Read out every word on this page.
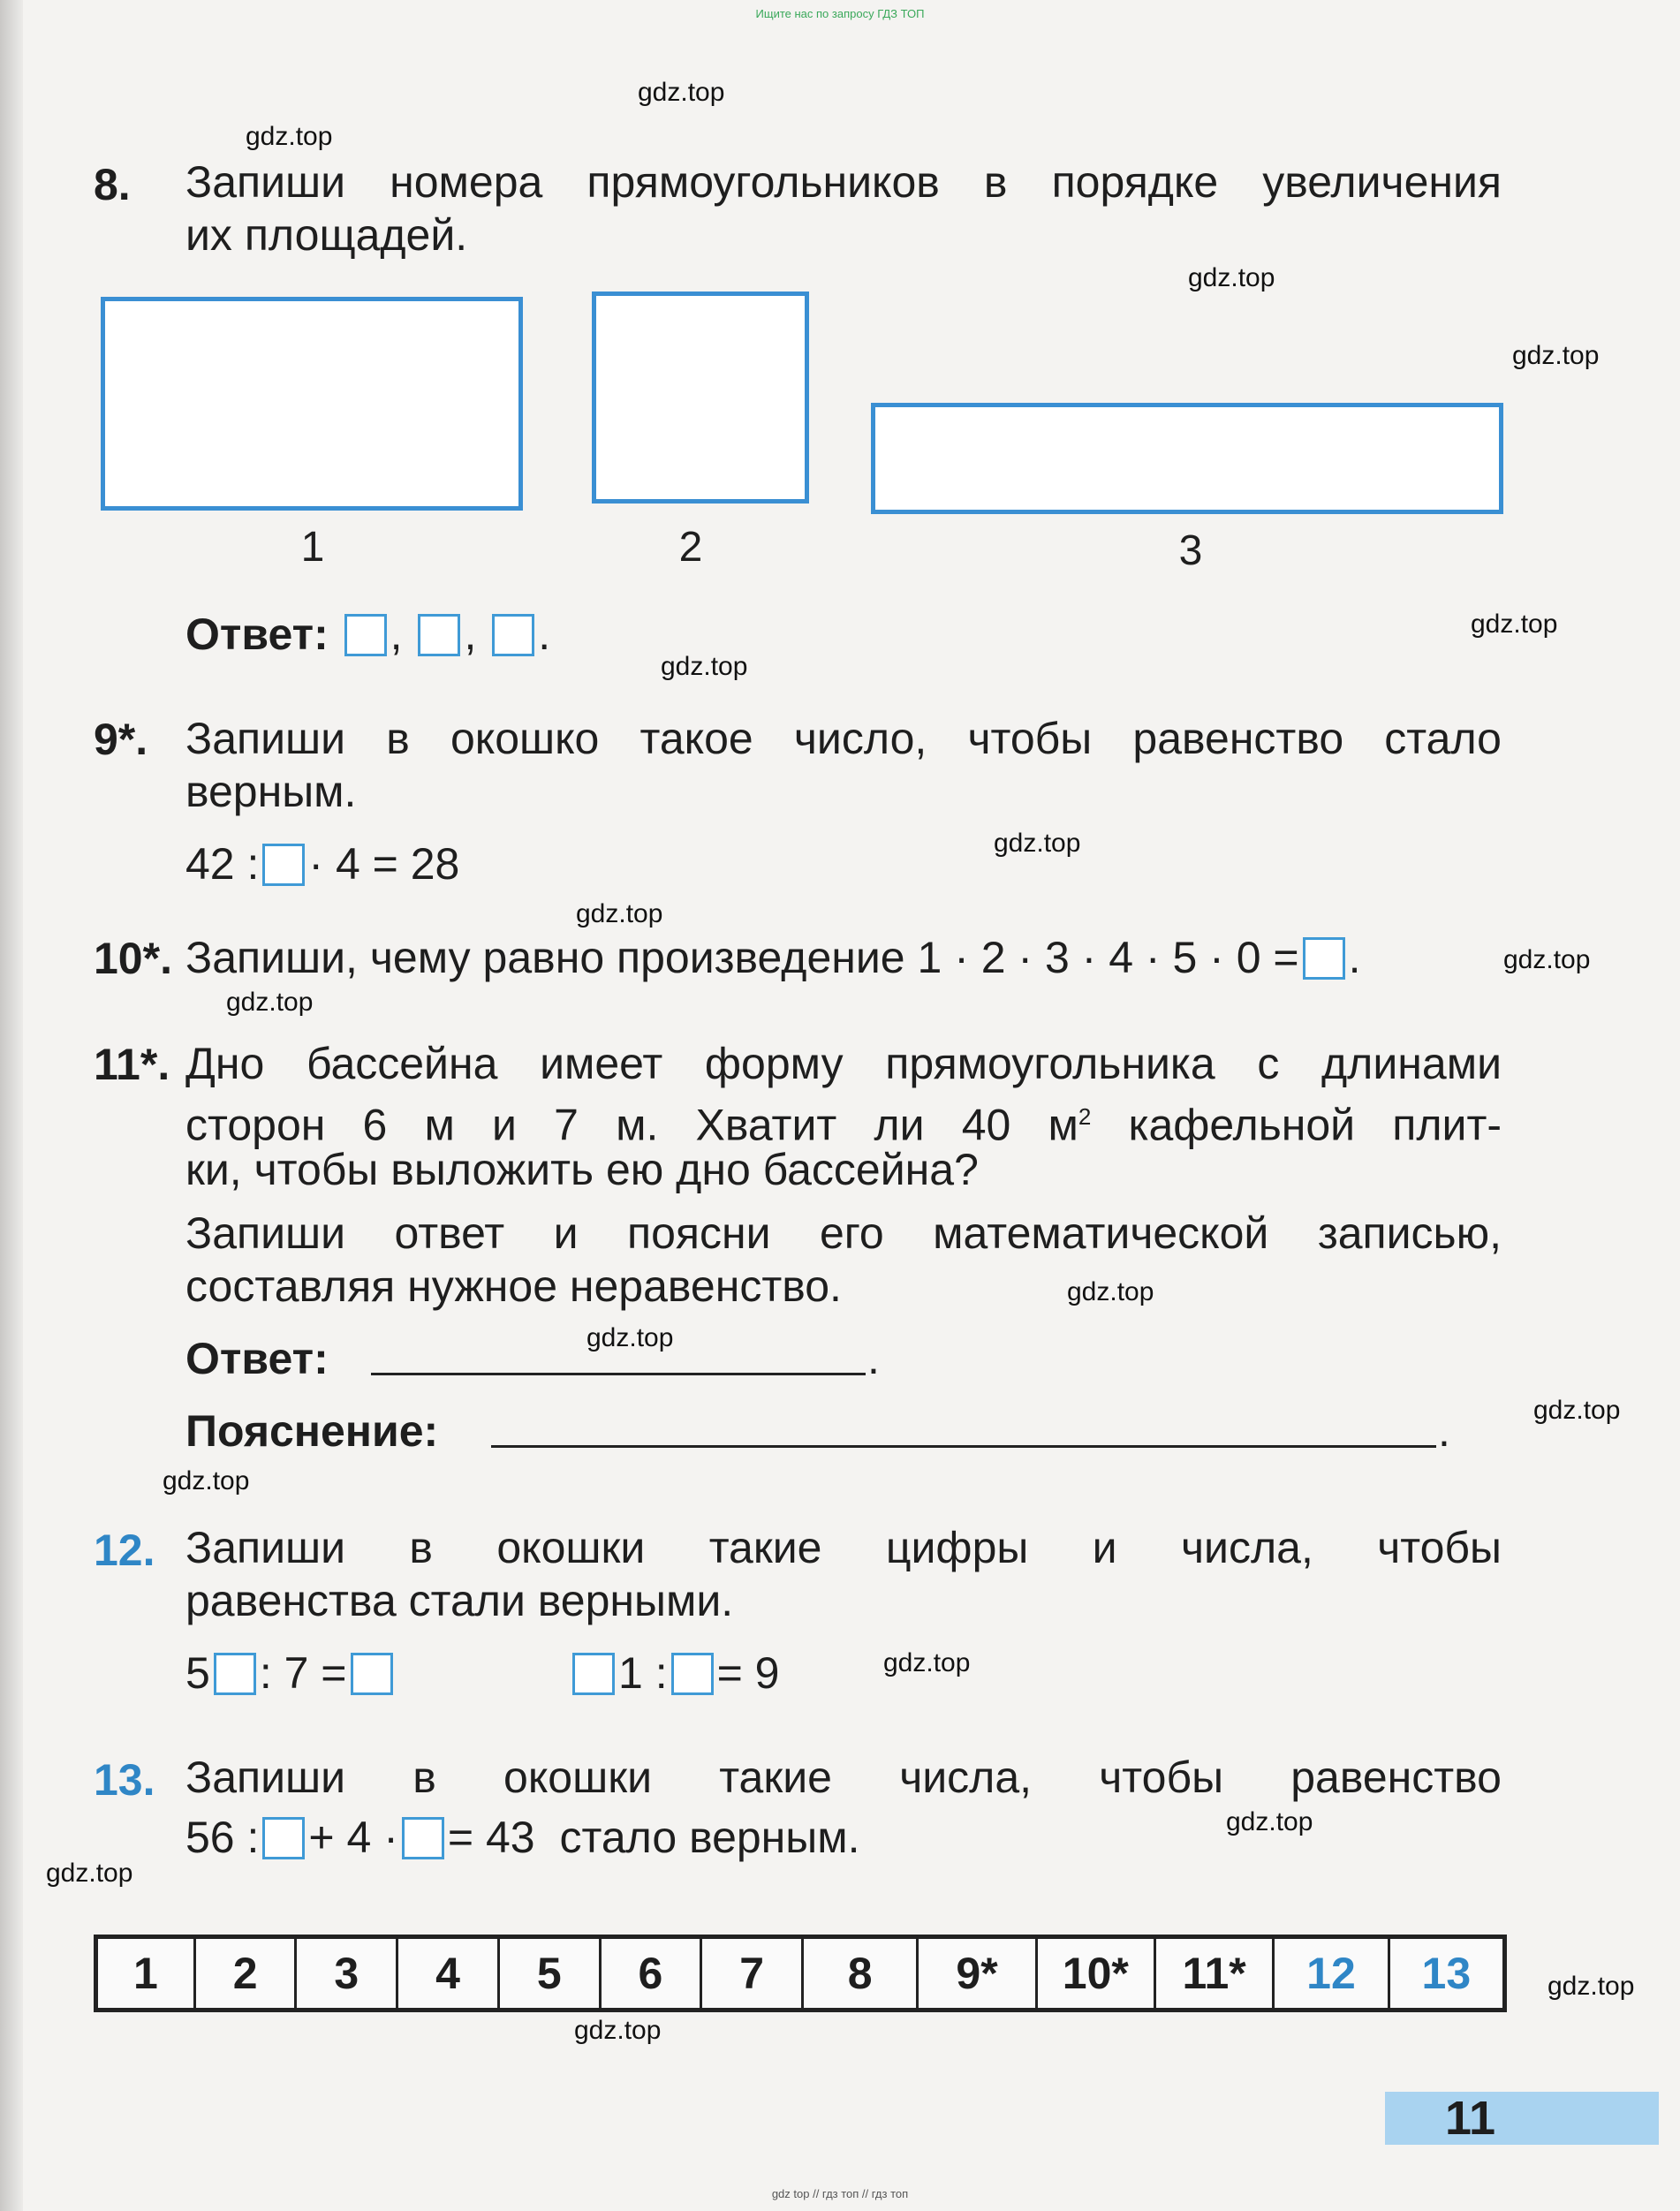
Ищите нас по запросу ГДЗ ТОП
gdz.top
gdz.top
gdz.top
gdz.top
gdz.top
gdz.top
gdz.top
gdz.top
gdz.top
gdz.top
gdz.top
gdz.top
gdz.top
gdz.top
gdz.top
gdz.top
gdz.top
gdz.top
gdz.top
8. Запиши номера прямоугольников в порядке увеличения
их площадей.
1	2	3
Ответ: , , .
9*. Запиши в окошко такое число, чтобы равенство стало
верным.
42 : · 4 = 28
10*. Запиши, чему равно произведение 1 · 2 · 3 · 4 · 5 · 0 = .
11*. Дно бассейна имеет форму прямоугольника с длинами
сторон 6 м и 7 м. Хватит ли 40 $м^2$ кафельной плит-
ки, чтобы выложить ею дно бассейна?
Запиши ответ и поясни его математической записью,
составляя нужное неравенство.
Ответ:	.
Пояснение:	.
12. Запиши в окошки такие цифры и числа, чтобы
равенства стали верными.
5 : 7 =	1 : = 9
13. Запиши в окошки такие числа, чтобы равенство
56 : + 4 · = 43 стало верным.
1	2	3	4	5	6	7	8	9*	10*	11*	12	13
11
gdz top // гдз топ // гдз топ
